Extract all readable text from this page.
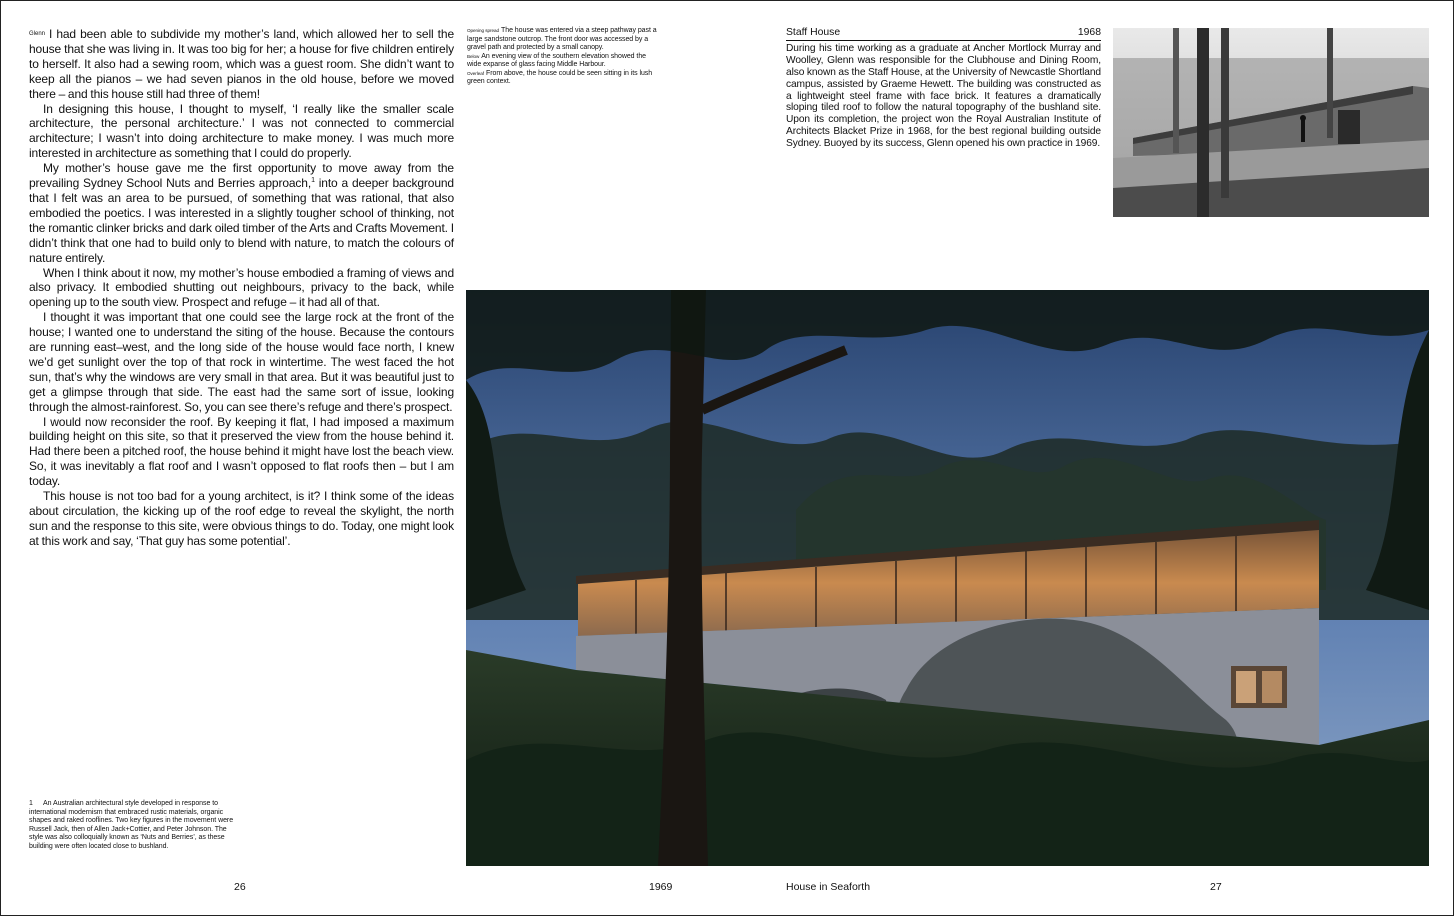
$^{Glenn}$ I had been able to subdivide my mother’s land, which allowed her to sell the house that she was living in. It was too big for her; a house for five children entirely to herself. It also had a sewing room, which was a guest room. She didn’t want to keep all the pianos – we had seven pianos in the old house, before we moved there – and this house still had three of them!

In designing this house, I thought to myself, ‘I really like the smaller scale architecture, the personal architecture.’ I was not connected to commercial architecture; I wasn’t into doing architecture to make money. I was much more interested in architecture as something that I could do properly.

My mother’s house gave me the first opportunity to move away from the prevailing Sydney School Nuts and Berries approach,$^1$ into a deeper background that I felt was an area to be pursued, of something that was rational, that also embodied the poetics. I was interested in a slightly tougher school of thinking, not the romantic clinker bricks and dark oiled timber of the Arts and Crafts Movement. I didn’t think that one had to build only to blend with nature, to match the colours of nature entirely.

When I think about it now, my mother’s house embodied a framing of views and also privacy. It embodied shutting out neighbours, privacy to the back, while opening up to the south view. Prospect and refuge – it had all of that.

I thought it was important that one could see the large rock at the front of the house; I wanted one to understand the siting of the house. Because the contours are running east–west, and the long side of the house would face north, I knew we’d get sunlight over the top of that rock in wintertime. The west faced the hot sun, that’s why the windows are very small in that area. But it was beautiful just to get a glimpse through that side. The east had the same sort of issue, looking through the almost-rainforest. So, you can see there’s refuge and there’s prospect.

I would now reconsider the roof. By keeping it flat, I had imposed a maximum building height on this site, so that it preserved the view from the house behind it. Had there been a pitched roof, the house behind it might have lost the beach view. So, it was inevitably a flat roof and I wasn’t opposed to flat roofs then – but I am today.

This house is not too bad for a young architect, is it? I think some of the ideas about circulation, the kicking up of the roof edge to reveal the skylight, the north sun and the response to this site, were obvious things to do. Today, one might look at this work and say, ‘That guy has some potential’.

1 An Australian architectural style developed in response to international modernism that embraced rustic materials, organic shapes and raked rooflines. Two key figures in the movement were Russell Jack, then of Allen Jack+Cottier, and Peter Johnson. The style was also colloquially known as ‘Nuts and Berries’, as these building were often located close to bushland.

$^{Opening spread}$ The house was entered via a steep pathway past a large sandstone outcrop. The front door was accessed by a gravel path and protected by a small canopy.

$^{Below}$ An evening view of the southern elevation showed the wide expanse of glass facing Middle Harbour.

$^{Overleaf}$ From above, the house could be seen sitting in its lush green context.

Staff House	1968
During his time working as a graduate at Ancher Mortlock Murray and Woolley, Glenn was responsible for the Clubhouse and Dining Room, also known as the Staff House, at the University of Newcastle Shortland campus, assisted by Graeme Hewett. The building was constructed as a lightweight steel frame with face brick. It features a dramatically sloping tiled roof to follow the natural topography of the bushland site. Upon its completion, the project won the Royal Australian Institute of Architects Blacket Prize in 1968, for the best regional building outside Sydney. Buoyed by its success, Glenn opened his own practice in 1969.
26	1969	House in Seaforth	27
